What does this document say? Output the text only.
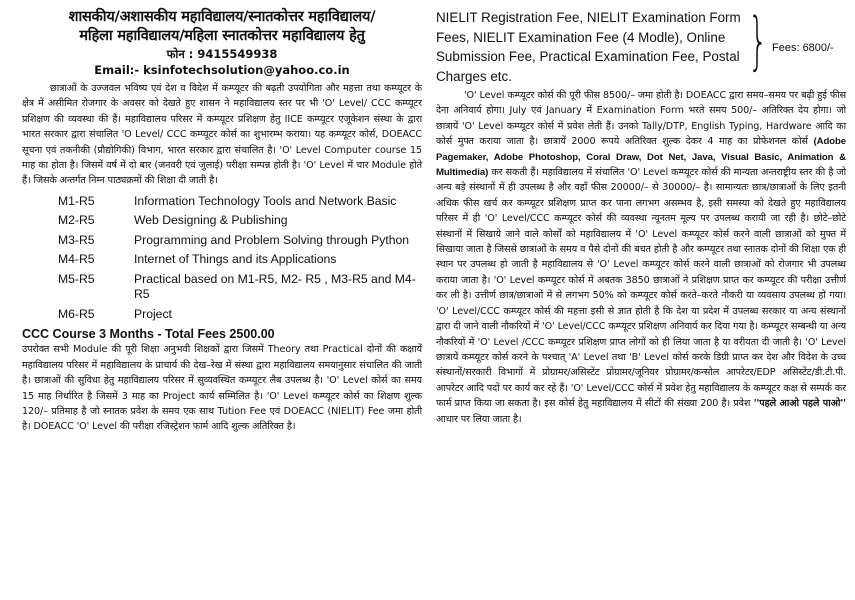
शासकीय/अशासकीय महाविद्यालय/स्नातकोत्तर महाविद्यालय/
महिला महाविद्यालय/महिला स्नातकोत्तर महाविद्यालय हेतु
फोन : 9415549938
Email:- ksinfotechsolution@yahoo.co.in

छात्राओं के उज्जवल भविष्य एवं देश व विदेश में कम्प्यूटर की बढ़ती उपयोगिता और महत्ता तथा कम्प्यूटर के क्षेत्र में असीमित रोजगार के अवसर को देखते हुए शासन ने महाविद्यालय स्तर पर भी 'O' Level/ CCC कम्प्यूटर प्रशिक्षण की व्यवस्था की है। महाविद्यालय परिसर में कम्प्यूटर प्रशिक्षण हेतु IICE कम्प्यूटर एजूकेशन संस्था के द्वारा भारत सरकार द्वारा संचालित 'O Level/ CCC कम्प्यूटर कोर्स का शुभारम्भ कराया। यह कम्प्यूटर कोर्स, DOEACC सूचना एवं तकनीकी (प्रौद्योगिकी) विभाग, भारत सरकार द्वारा संचालित है। 'O' Level Computer course 15 माह का होता है। जिसमें वर्ष में दो बार (जनवरी एवं जुलाई) परीक्षा सम्पन्न होती है। 'O' Level में चार Module होते हैं। जिसके अन्तर्गत निम्न पाठ्यक्रमों की शिक्षा दी जाती है।

M1-R5	Information Technology Tools and Network Basic
M2-R5	Web Designing & Publishing
M3-R5	Programming and Problem Solving through Python
M4-R5	Internet of Things and its Applications
M5-R5	Practical based on M1-R5, M2- R5 , M3-R5 and M4-R5
M6-R5	Project
CCC Course 3 Months - Total Fees 2500.00

उपरोक्त सभी Module की पूरी शिक्षा अनुभवी शिक्षकों द्वारा जिसमें Theory तथा Practical दोनों की कक्षायें महाविद्यालय परिसर में महाविद्यालय के प्राचार्य की देख–रेख में संस्था द्वारा महाविद्यालय समयानुसार संचालित की जाती है। छात्राओं की सुविधा हेतु महाविद्यालय परिसर में सुव्यवस्थित कम्प्यूटर लैब उपलब्ध है। 'O' Level कोर्स का समय 15 माह निर्धारित है जिसमें 3 माह का Project कार्य सम्मिलित है। 'O' Level कम्प्यूटर कोर्स का शिक्षण शुल्क 120/– प्रतिमाह है जो स्नातक प्रवेश के समय एक साथ Tution Fee एवं DOEACC (NIELIT) Fee जमा होती है। DOEACC 'O' Level की परीक्षा रजिस्ट्रेशन फार्म आदि शुल्क अतिरिक्त है।

NIELIT Registration Fee, NIELIT Examination Form Fees, NIELIT Examination Fee (4 Modle), Online Submission Fee, Practical Examination Fee, Postal Charges etc.	} Fees: 6800/-

'O' Level कम्प्यूटर कोर्स की पूरी फीस 8500/– जमा होती है। DOEACC द्वारा समय–समय पर बढ़ी हुई फीस देना अनिवार्य होगा। July एवं January में Examination Form भरते समय 500/– अतिरिक्त देय होगा। जो छात्रायें 'O' Level कम्प्यूटर कोर्स में प्रवेश लेती हैं। उनको Tally/DTP, English Typing, Hardware आदि का कोर्स मुफ्त कराया जाता है। छात्रायें 2000 रूपये अतिरिक्त शुल्क देकर 4 माह का प्रोफेशनल कोर्स (Adobe Pagemaker, Adobe Photoshop, Coral Draw, Dot Net, Java, Visual Basic, Animation & Multimedia) कर सकती हैं। महाविद्यालय में संचालित 'O' Level कम्प्यूटर कोर्स की मान्यता अन्तराष्ट्रीय स्तर की है जो अन्य बड़े संस्थानों में ही उपलब्ध है और वहाँ फीस 20000/– से 30000/– है। सामान्यतः छात्र/छात्राओं के लिए इतनी अधिक फीस खर्च कर कम्प्यूटर प्रशिक्षण प्राप्त कर पाना लगभग असम्भव है, इसी समस्या को देखते हुए महाविद्यालय परिसर में ही 'O' Level/CCC कम्प्यूटर कोर्स की व्यवस्था न्यूनतम मूल्य पर उपलब्ध करायी जा रही है। छोटे–छोटे संस्थानों में सिखाये जाने वाले कोर्सों को महाविद्यालय में 'O' Level कम्प्यूटर कोर्स करने वाली छात्राओं को मुफ्त में सिखाया जाता है जिससे छात्राओं के समय व पैसे दोनों की बचत होती है और कम्प्यूटर तथा स्नातक दोनों की शिक्षा एक ही स्थान पर उपलब्ध हो जाती है महाविद्यालय से 'O' Level कम्प्यूटर कोर्स करने वाली छात्राओं को रोजगार भी उपलब्ध कराया जाता है। 'O' Level कम्प्यूटर कोर्स में अबतक 3850 छात्राओं ने प्रशिक्षण प्राप्त कर कम्प्यूटर की परीक्षा उत्तीर्ण कर ली है। उत्तीर्ण छात्र/छात्राओं में से लगभग 50% को कम्प्यूटर कोर्स करते–करते नौकरी या व्यवसाय उपलब्ध हो गया। 'O' Level/CCC कम्प्यूटर कोर्स की महत्ता इसी से ज्ञात होती है कि देश या प्रदेश में उपलब्ध सरकार या अन्य संस्थानों द्वारा दी जाने वाली नौकरियों में 'O' Level/CCC कम्प्यूटर प्रशिक्षण अनिवार्य कर दिया गया है। कम्प्यूटर सम्बन्धी या अन्य नौकरियों में 'O' Level /CCC कम्प्यूटर प्रशिक्षण प्राप्त लोगों को ही लिया जाता है या वरीयता दी जाती है। 'O' Level छात्रायें कम्प्यूटर कोर्स करने के पश्चात् 'A' Level तथा 'B' Level कोर्स करके डिग्री प्राप्त कर देश और विदेश के उच्च संस्थानों/सरकारी विभागों में प्रोग्रामर/असिस्टेंट प्रोग्रामर/जूनियर प्रोग्रामर/कन्सोल आपरेटर/EDP असिस्टेंट/डी.टी.पी. आपरेटर आदि पदों पर कार्य कर रहे हैं। 'O' Level/CCC कोर्स में प्रवेश हेतु महाविद्यालय के कम्प्यूटर कक्ष से सम्पर्क कर फार्म प्राप्त किया जा सकता है। इस कोर्स हेतु महाविद्यालय में सीटों की संख्या 200 है। प्रवेश ''पहले आओ पहले पाओ'' आधार पर लिया जाता है।
